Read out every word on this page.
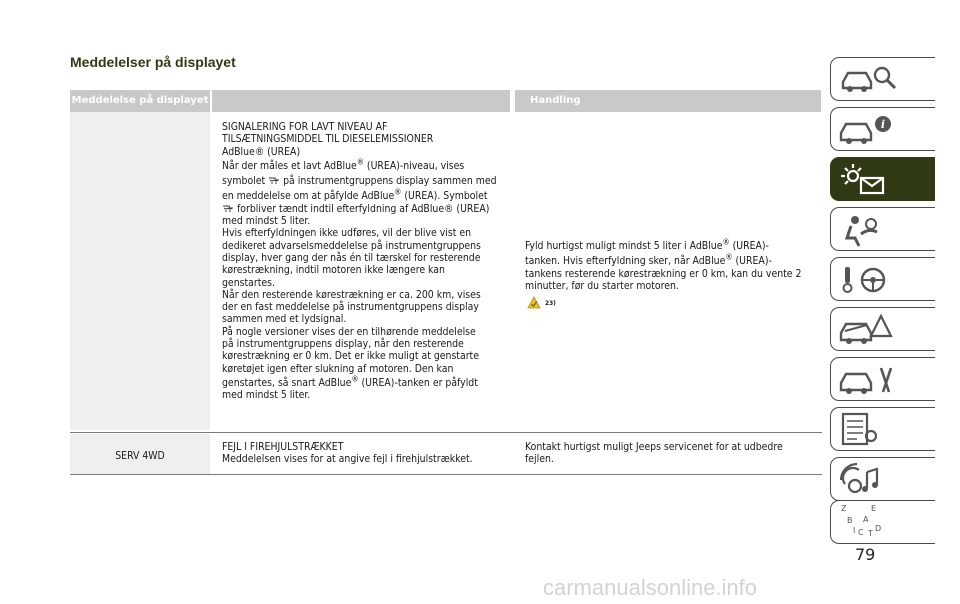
Meddelelser på displayet
Meddelelse på displayet	Handling
SIGNALERING FOR LAVT NIVEAU AF
TILSÆTNINGSMIDDEL TIL DIESELEMISSIONER
AdBlue® (UREA)
Når der måles et lavt AdBlue® (UREA)-niveau, vises
symbolet  på instrumentgruppens display sammen med
en meddelelse om at påfylde AdBlue® (UREA). Symbolet
forbliver tændt indtil efterfyldning af AdBlue® (UREA)
med mindst 5 liter.
Hvis efterfyldningen ikke udføres, vil der blive vist en
dedikeret advarselsmeddelelse på instrumentgruppens
display, hver gang der nås én til tærskel for resterende
kørestrækning, indtil motoren ikke længere kan
genstartes.
Når den resterende kørestrækning er ca. 200 km, vises
der en fast meddelelse på instrumentgruppens display
sammen med et lydsignal.
På nogle versioner vises der en tilhørende meddelelse
på instrumentgruppens display, når den resterende
kørestrækning er 0 km. Det er ikke muligt at genstarte
køretøjet igen efter slukning af motoren. Den kan
genstartes, så snart AdBlue® (UREA)-tanken er påfyldt
med mindst 5 liter.
Fyld hurtigst muligt mindst 5 liter i AdBlue® (UREA)-
tanken. Hvis efterfyldning sker, når AdBlue® (UREA)-
tankens resterende kørestrækning er 0 km, kan du vente 2
minutter, før du starter motoren.
23)
SERV 4WD
FEJL I FIREHJULSTRÆKKET
Meddelelsen vises for at angive fejl i firehjulstrækket.
Kontakt hurtigst muligt Jeeps servicenet for at udbedre
fejlen.
i
Z	E
B A
I C T
D
79
carmanualsonline.info
